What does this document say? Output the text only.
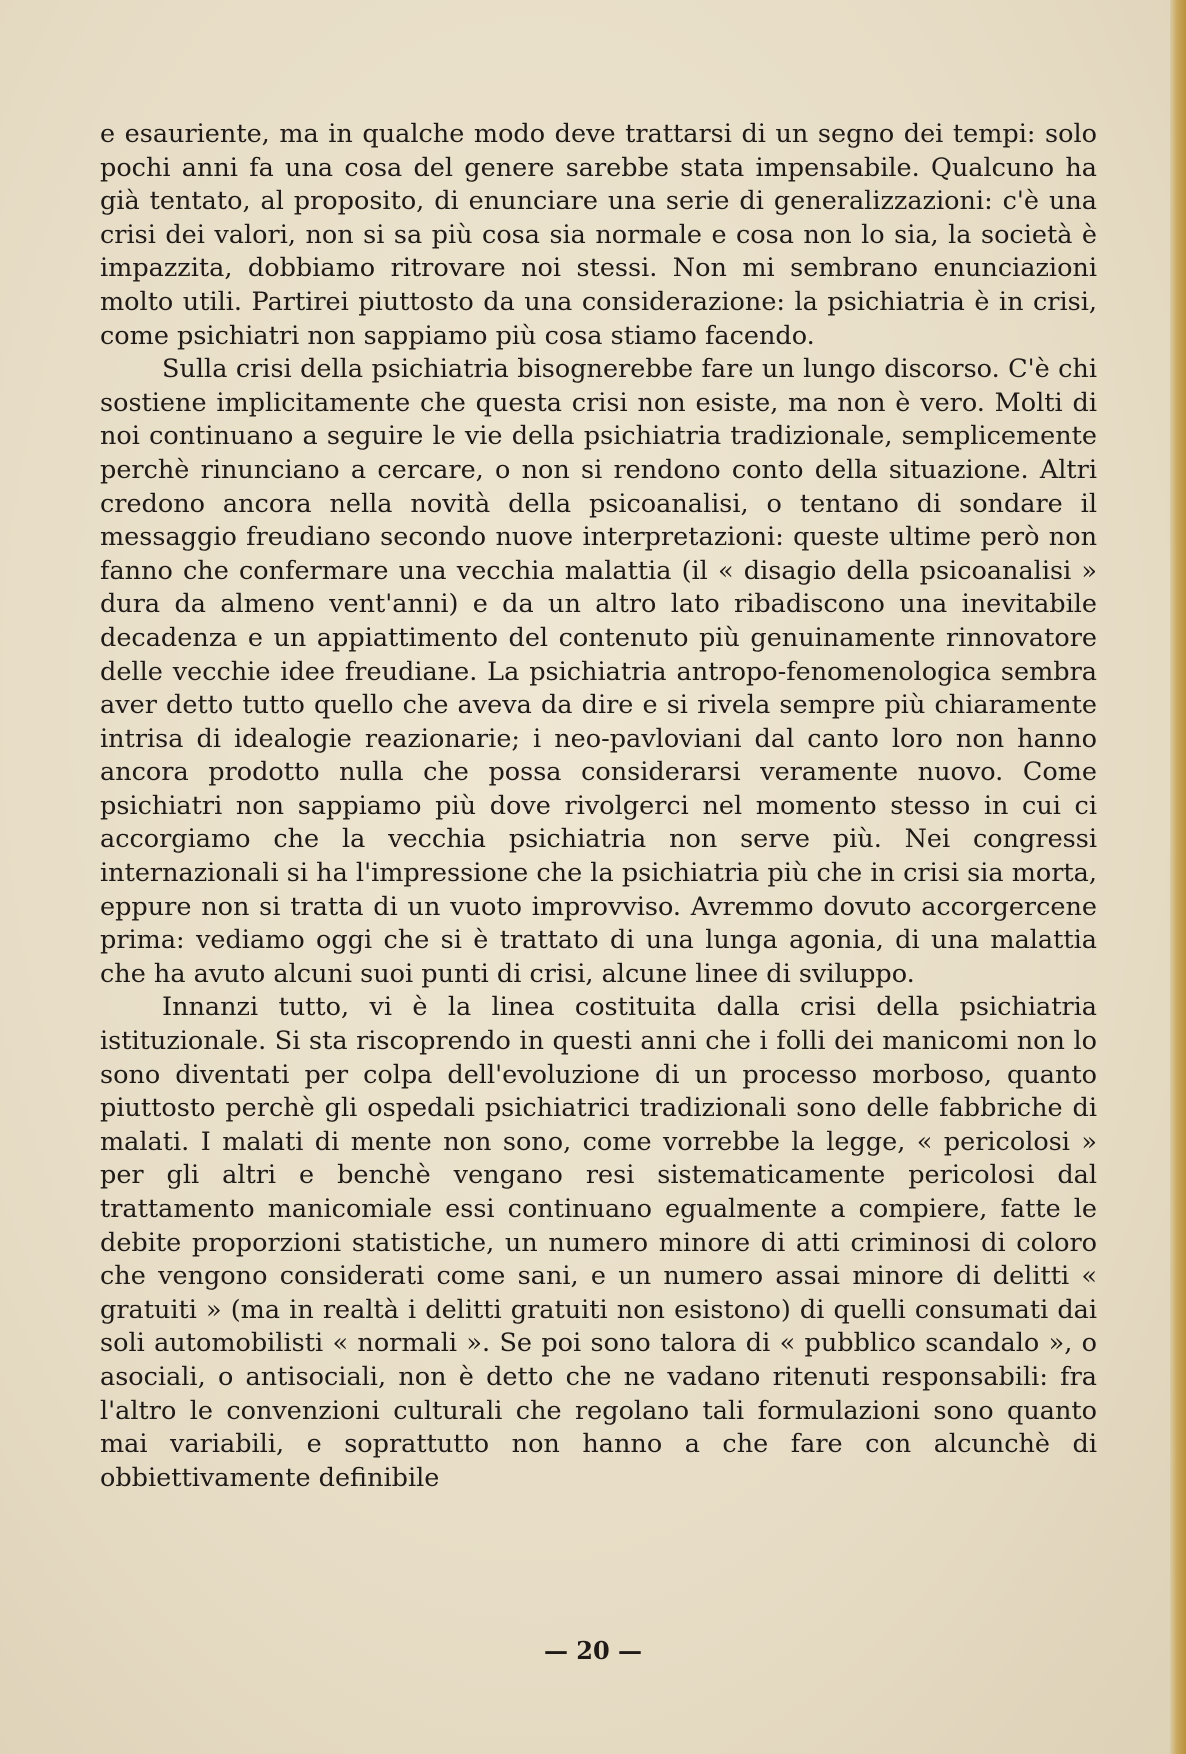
e esauriente, ma in qualche modo deve trattarsi di un segno dei tempi: solo pochi anni fa una cosa del genere sarebbe stata impensabile. Qualcuno ha già tentato, al proposito, di enunciare una serie di generalizzazioni: c'è una crisi dei valori, non si sa più cosa sia normale e cosa non lo sia, la società è impazzita, dobbiamo ritrovare noi stessi. Non mi sembrano enunciazioni molto utili. Partirei piuttosto da una considerazione: la psichiatria è in crisi, come psichiatri non sappiamo più cosa stiamo facendo.

Sulla crisi della psichiatria bisognerebbe fare un lungo discorso. C'è chi sostiene implicitamente che questa crisi non esiste, ma non è vero. Molti di noi continuano a seguire le vie della psichiatria tradizionale, semplicemente perchè rinunciano a cercare, o non si rendono conto della situazione. Altri credono ancora nella novità della psicoanalisi, o tentano di sondare il messaggio freudiano secondo nuove interpretazioni: queste ultime però non fanno che confermare una vecchia malattia (il « disagio della psicoanalisi » dura da almeno vent'anni) e da un altro lato ribadiscono una inevitabile decadenza e un appiattimento del contenuto più genuinamente rinnovatore delle vecchie idee freudiane. La psichiatria antropo-fenomenologica sembra aver detto tutto quello che aveva da dire e si rivela sempre più chiaramente intrisa di idealogie reazionarie; i neo-pavloviani dal canto loro non hanno ancora prodotto nulla che possa considerarsi veramente nuovo. Come psichiatri non sappiamo più dove rivolgerci nel momento stesso in cui ci accorgiamo che la vecchia psichiatria non serve più. Nei congressi internazionali si ha l'impressione che la psichiatria più che in crisi sia morta, eppure non si tratta di un vuoto improvviso. Avremmo dovuto accorgercene prima: vediamo oggi che si è trattato di una lunga agonia, di una malattia che ha avuto alcuni suoi punti di crisi, alcune linee di sviluppo.

Innanzi tutto, vi è la linea costituita dalla crisi della psichiatria istituzionale. Si sta riscoprendo in questi anni che i folli dei manicomi non lo sono diventati per colpa dell'evoluzione di un processo morboso, quanto piuttosto perchè gli ospedali psichiatrici tradizionali sono delle fabbriche di malati. I malati di mente non sono, come vorrebbe la legge, « pericolosi » per gli altri e benchè vengano resi sistematicamente pericolosi dal trattamento manicomiale essi continuano egualmente a compiere, fatte le debite proporzioni statistiche, un numero minore di atti criminosi di coloro che vengono considerati come sani, e un numero assai minore di delitti « gratuiti » (ma in realtà i delitti gratuiti non esistono) di quelli consumati dai soli automobilisti « normali ». Se poi sono talora di « pubblico scandalo », o asociali, o antisociali, non è detto che ne vadano ritenuti responsabili: fra l'altro le convenzioni culturali che regolano tali formulazioni sono quanto mai variabili, e soprattutto non hanno a che fare con alcunchè di obbiettivamente definibile

— 20 —
